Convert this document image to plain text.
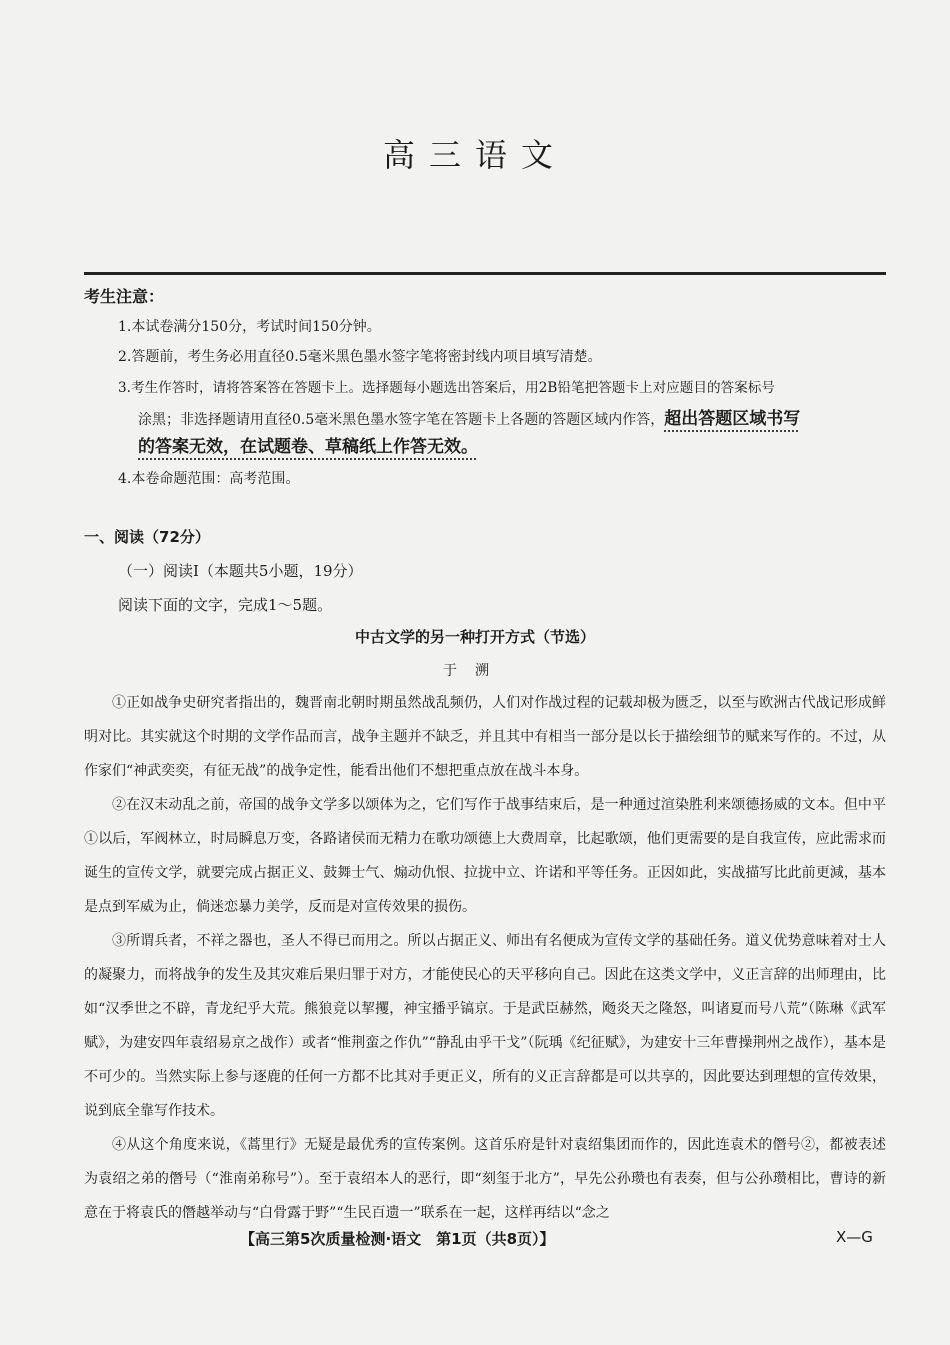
高三语文
考生注意：
1.本试卷满分150分，考试时间150分钟。
2.答题前，考生务必用直径0.5毫米黑色墨水签字笔将密封线内项目填写清楚。
3.考生作答时，请将答案答在答题卡上。选择题每小题选出答案后，用2B铅笔把答题卡上对应题目的答案标号
涂黑；非选择题请用直径0.5毫米黑色墨水签字笔在答题卡上各题的答题区域内作答，超出答题区域书写
的答案无效，在试题卷、草稿纸上作答无效。
4.本卷命题范围：高考范围。
一、阅读（72分）
（一）阅读Ⅰ（本题共5小题，19分）
阅读下面的文字，完成1～5题。
中古文学的另一种打开方式（节选）
于溯

①正如战争史研究者指出的，魏晋南北朝时期虽然战乱频仍，人们对作战过程的记载却极为匮乏，以至与欧洲古代战记形成鲜明对比。其实就这个时期的文学作品而言，战争主题并不缺乏，并且其中有相当一部分是以长于描绘细节的赋来写作的。不过，从作家们“神武奕奕，有征无战”的战争定性，能看出他们不想把重点放在战斗本身。

②在汉末动乱之前，帝国的战争文学多以颂体为之，它们写作于战事结束后，是一种通过渲染胜利来颂德扬威的文本。但中平①以后，军阀林立，时局瞬息万变，各路诸侯而无精力在歌功颂德上大费周章，比起歌颂，他们更需要的是自我宣传，应此需求而诞生的宣传文学，就要完成占据正义、鼓舞士气、煽动仇恨、拉拢中立、许诺和平等任务。正因如此，实战描写比此前更減，基本是点到军威为止，倘迷恋暴力美学，反而是对宣传效果的损伤。

③所谓兵者，不祥之器也，圣人不得已而用之。所以占据正义、师出有名便成为宣传文学的基础任务。道义优势意味着对士人的凝聚力，而将战争的发生及其灾难后果归罪于对方，才能使民心的天平移向自己。因此在这类文学中，义正言辞的出师理由，比如“汉季世之不辟，青龙纪乎大荒。熊狼竞以挈攫，神宝播乎镐京。于是武臣赫然，飏炎天之隆怒，叫诸夏而号八荒”（陈琳《武军赋》，为建安四年袁绍易京之战作）或者“惟荆蛮之作仇”“静乱由乎干戈”（阮瑀《纪征赋》，为建安十三年曹操荆州之战作），基本是不可少的。当然实际上参与逐鹿的任何一方都不比其对手更正义，所有的义正言辞都是可以共享的，因此要达到理想的宣传效果，说到底全靠写作技术。

④从这个角度来说，《蒿里行》无疑是最优秀的宣传案例。这首乐府是针对袁绍集团而作的，因此连袁术的僭号②，都被表述为袁绍之弟的僭号（“淮南弟称号”）。至于袁绍本人的恶行，即“刻玺于北方”，早先公孙瓒也有表奏，但与公孙瓒相比，曹诗的新意在于将袁氏的僭越举动与“白骨露于野”“生民百遗一”联系在一起，这样再结以“念之

【高三第5次质量检测·语文　第1页（共8页）】	X—G
